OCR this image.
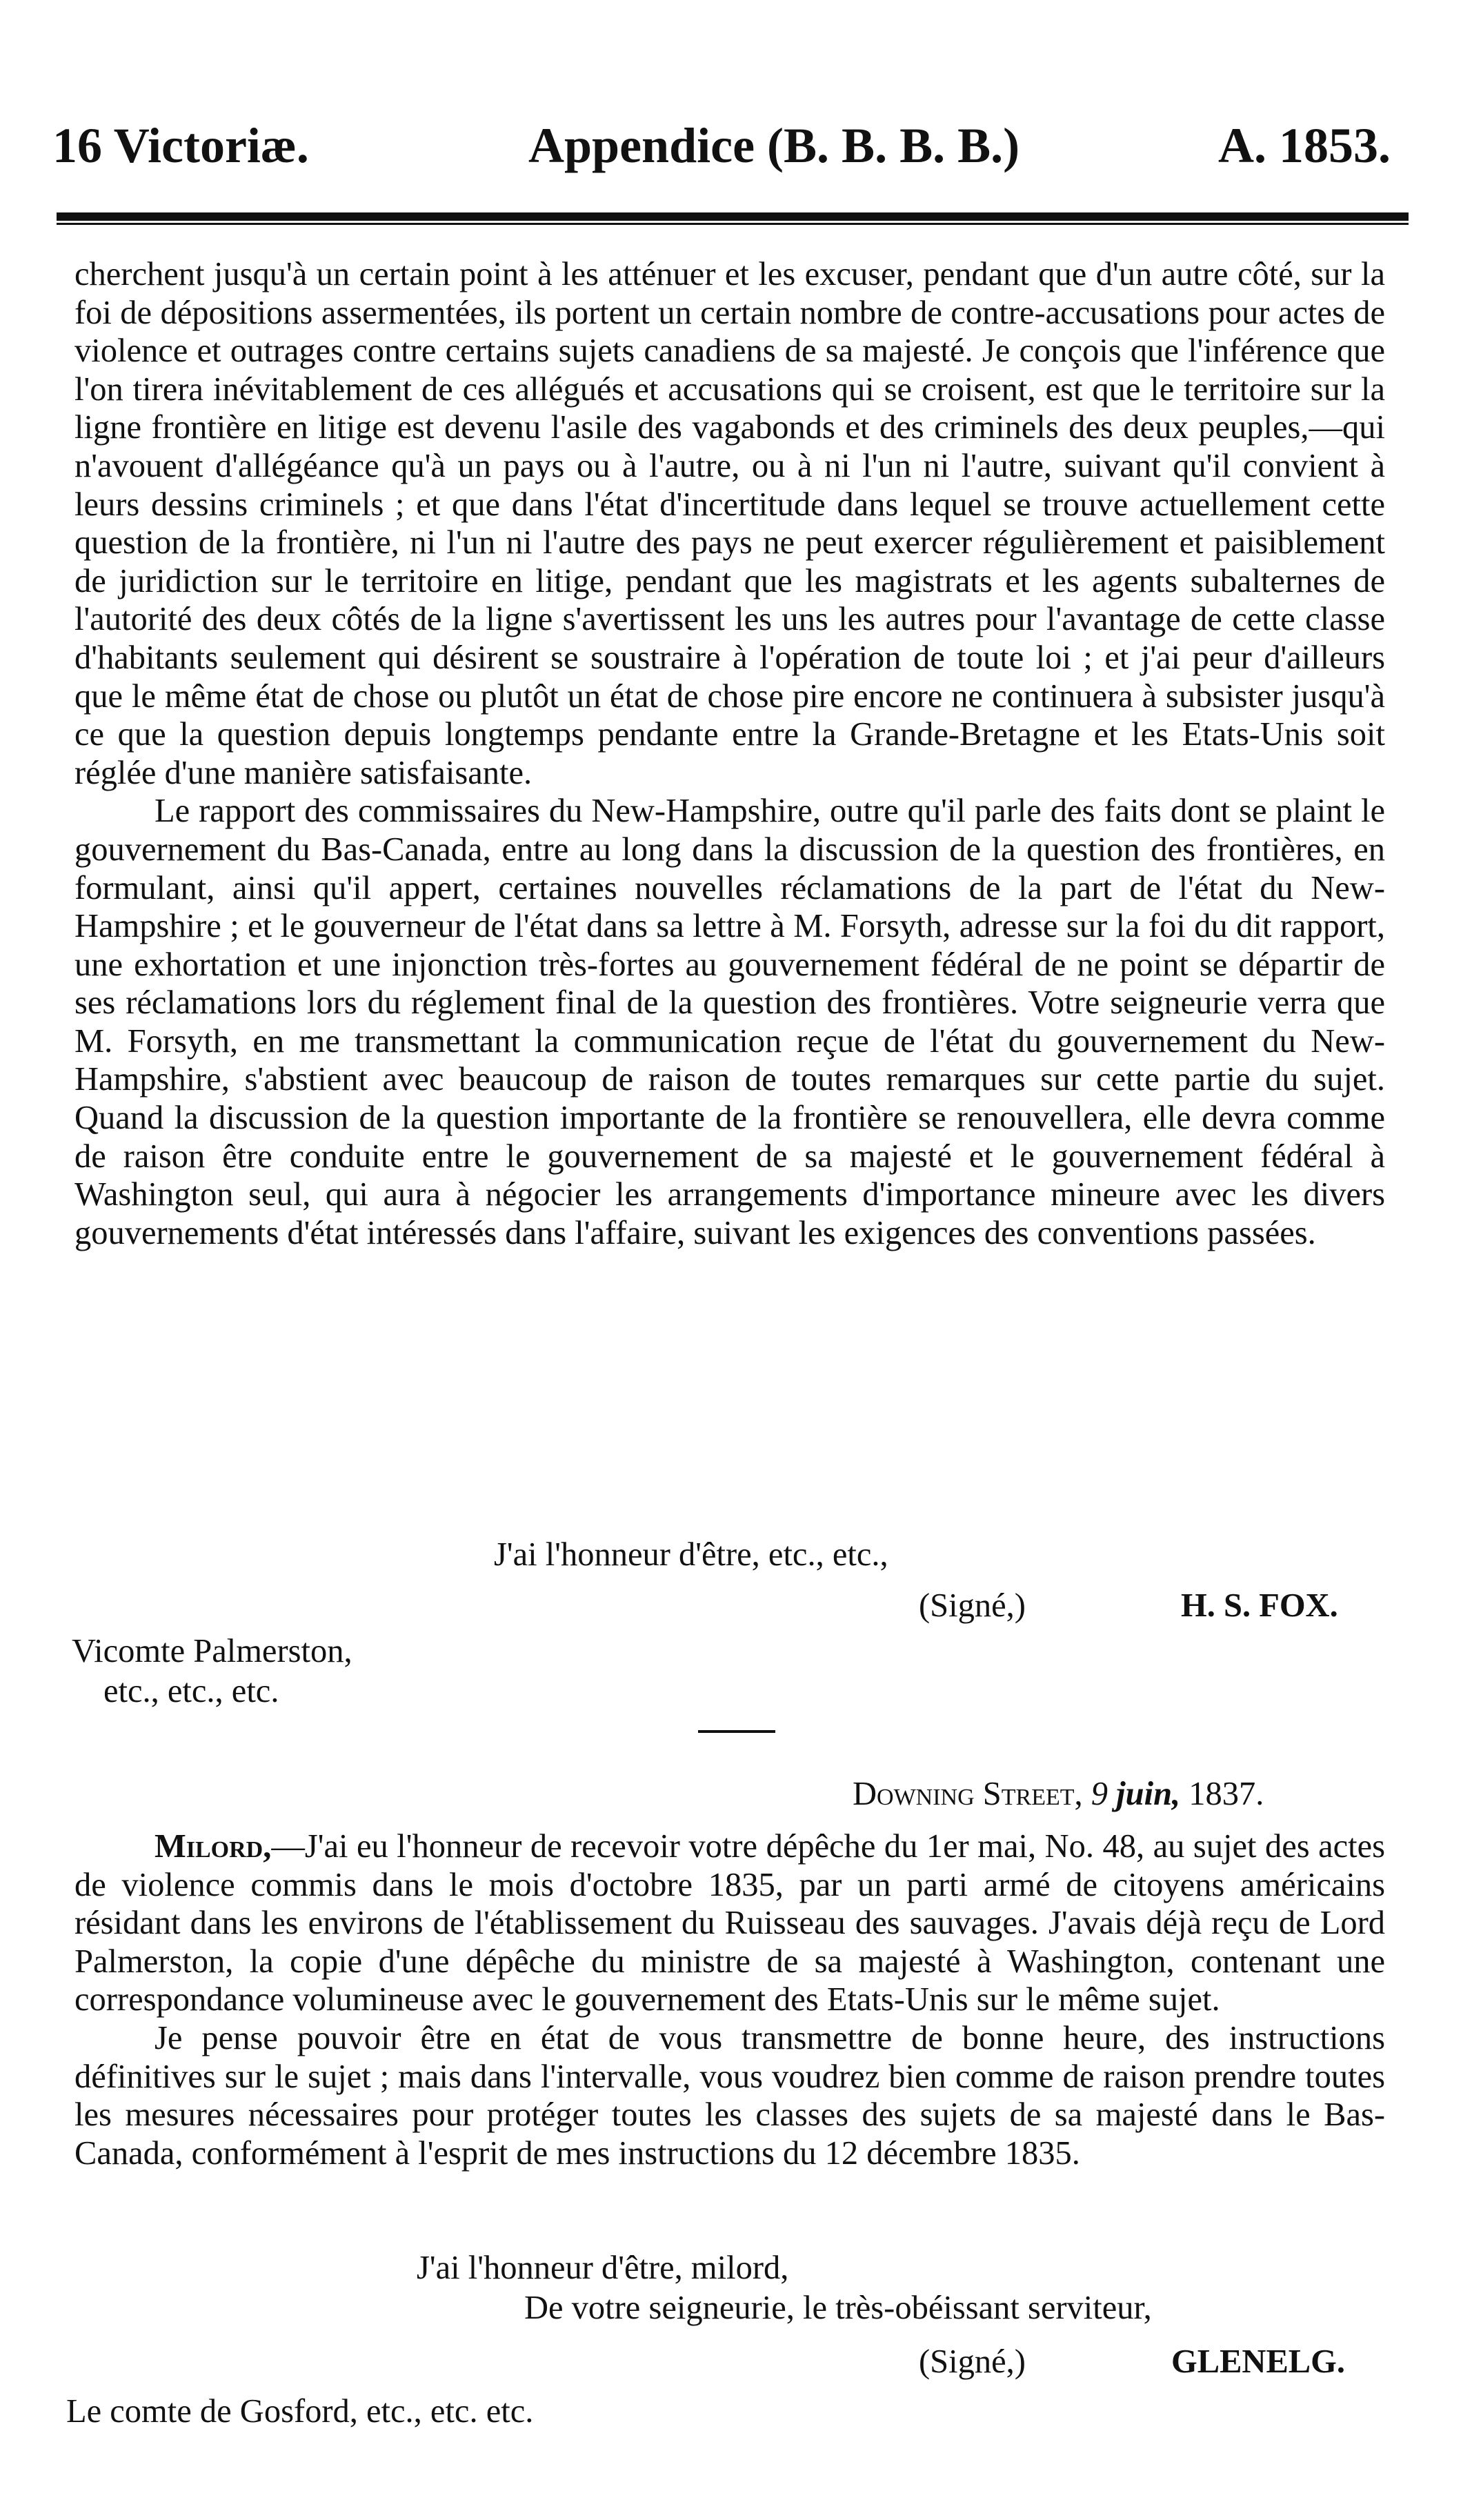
16 Victoriæ.	Appendice (B. B. B. B.)	A. 1853.

cherchent jusqu'à un certain point à les atténuer et les excuser, pendant que d'un autre côté, sur la foi de dépositions assermentées, ils portent un certain nombre de contre-accusations pour actes de violence et outrages contre certains sujets canadiens de sa majesté. Je conçois que l'inférence que l'on tirera inévitablement de ces allégués et accusations qui se croisent, est que le territoire sur la ligne frontière en litige est devenu l'asile des vagabonds et des criminels des deux peuples,—qui n'avouent d'allégéance qu'à un pays ou à l'autre, ou à ni l'un ni l'autre, suivant qu'il convient à leurs dessins criminels ; et que dans l'état d'incertitude dans lequel se trouve actuellement cette question de la frontière, ni l'un ni l'autre des pays ne peut exercer régulièrement et paisiblement de juridiction sur le territoire en litige, pendant que les magistrats et les agents subalternes de l'autorité des deux côtés de la ligne s'avertissent les uns les autres pour l'avantage de cette classe d'habitants seulement qui désirent se soustraire à l'opération de toute loi ; et j'ai peur d'ailleurs que le même état de chose ou plutôt un état de chose pire encore ne continuera à subsister jusqu'à ce que la question depuis longtemps pendante entre la Grande-Bretagne et les Etats-Unis soit réglée d'une manière satisfaisante.

Le rapport des commissaires du New-Hampshire, outre qu'il parle des faits dont se plaint le gouvernement du Bas-Canada, entre au long dans la discussion de la question des frontières, en formulant, ainsi qu'il appert, certaines nouvelles réclamations de la part de l'état du New-Hampshire ; et le gouverneur de l'état dans sa lettre à M. Forsyth, adresse sur la foi du dit rapport, une exhortation et une injonction très-fortes au gouvernement fédéral de ne point se départir de ses réclamations lors du réglement final de la question des frontières. Votre seigneurie verra que M. Forsyth, en me transmettant la communication reçue de l'état du gouvernement du New-Hampshire, s'abstient avec beaucoup de raison de toutes remarques sur cette partie du sujet. Quand la discussion de la question importante de la frontière se renouvellera, elle devra comme de raison être conduite entre le gouvernement de sa majesté et le gouvernement fédéral à Washington seul, qui aura à négocier les arrangements d'importance mineure avec les divers gouvernements d'état intéressés dans l'affaire, suivant les exigences des conventions passées.

J'ai l'honneur d'être, etc., etc.,
(Signé,)	H. S. FOX.
Vicomte Palmerston,
etc., etc., etc.
Downing Street, 9 juin, 1837.

Milord,—J'ai eu l'honneur de recevoir votre dépêche du 1er mai, No. 48, au sujet des actes de violence commis dans le mois d'octobre 1835, par un parti armé de citoyens américains résidant dans les environs de l'établissement du Ruisseau des sauvages. J'avais déjà reçu de Lord Palmerston, la copie d'une dépêche du ministre de sa majesté à Washington, contenant une correspondance volumineuse avec le gouvernement des Etats-Unis sur le même sujet.

Je pense pouvoir être en état de vous transmettre de bonne heure, des instructions définitives sur le sujet ; mais dans l'intervalle, vous voudrez bien comme de raison prendre toutes les mesures nécessaires pour protéger toutes les classes des sujets de sa majesté dans le Bas-Canada, conformément à l'esprit de mes instructions du 12 décembre 1835.

J'ai l'honneur d'être, milord,
De votre seigneurie, le très-obéissant serviteur,
(Signé,)	GLENELG.
Le comte de Gosford, etc., etc. etc.
